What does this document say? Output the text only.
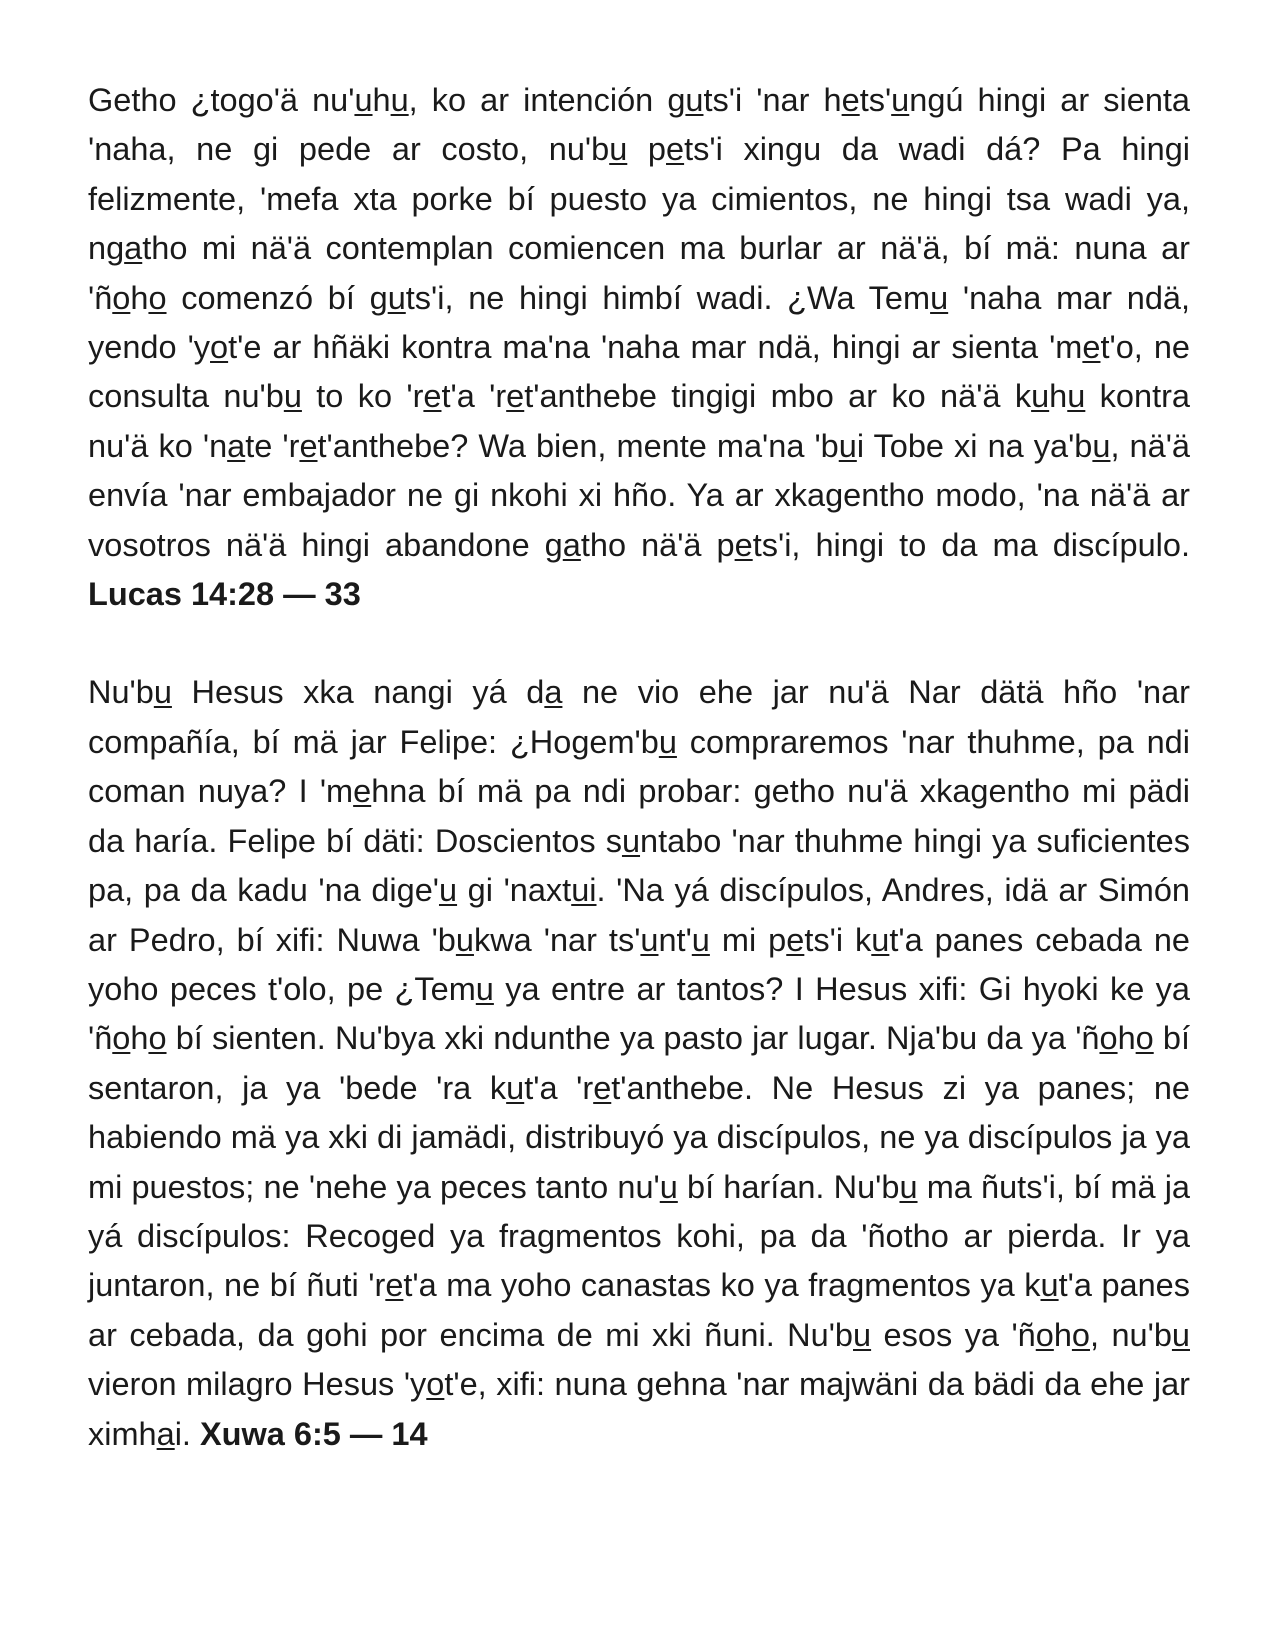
Getho ¿togo'ä nu'uhu, ko ar intención guts'i 'nar hets'ungú hingi ar sienta 'naha, ne gi pede ar costo, nu'bu pets'i xingu da wadi dá? Pa hingi felizmente, 'mefa xta porke bí puesto ya cimientos, ne hingi tsa wadi ya, ngatho mi nä'ä contemplan comiencen ma burlar ar nä'ä, bí mä: nuna ar 'ñoho comenzó bí guts'i, ne hingi himbí wadi. ¿Wa Temu 'naha mar ndä, yendo 'yot'e ar hñäki kontra ma'na 'naha mar ndä, hingi ar sienta 'met'o, ne consulta nu'bu to ko 'ret'a 'ret'anthebe tingigi mbo ar ko nä'ä kuhu kontra nu'ä ko 'nate 'ret'anthebe? Wa bien, mente ma'na 'bui Tobe xi na ya'bu, nä'ä envía 'nar embajador ne gi nkohi xi hño. Ya ar xkagentho modo, 'na nä'ä ar vosotros nä'ä hingi abandone gatho nä'ä pets'i, hingi to da ma discípulo. Lucas 14:28 — 33

Nu'bu Hesus xka nangi yá da ne vio ehe jar nu'ä Nar dätä hño 'nar compañía, bí mä jar Felipe: ¿Hogem'bu compraremos 'nar thuhme, pa ndi coman nuya? I 'mehna bí mä pa ndi probar: getho nu'ä xkagentho mi pädi da haría. Felipe bí däti: Doscientos suntabo 'nar thuhme hingi ya suficientes pa, pa da kadu 'na dige'u gi 'naxtui. 'Na yá discípulos, Andres, idä ar Simón ar Pedro, bí xifi: Nuwa 'bukwa 'nar ts'unt'u mi pets'i kut'a panes cebada ne yoho peces t'olo, pe ¿Temu ya entre ar tantos? I Hesus xifi: Gi hyoki ke ya 'ñoho bí sienten. Nu'bya xki ndunthe ya pasto jar lugar. Nja'bu da ya 'ñoho bí sentaron, ja ya 'bede 'ra kut'a 'ret'anthebe. Ne Hesus zi ya panes; ne habiendo mä ya xki di jamädi, distribuyó ya discípulos, ne ya discípulos ja ya mi puestos; ne 'nehe ya peces tanto nu'u bí harían. Nu'bu ma ñuts'i, bí mä ja yá discípulos: Recoged ya fragmentos kohi, pa da 'ñotho ar pierda. Ir ya juntaron, ne bí ñuti 'ret'a ma yoho canastas ko ya fragmentos ya kut'a panes ar cebada, da gohi por encima de mi xki ñuni. Nu'bu esos ya 'ñoho, nu'bu vieron milagro Hesus 'yot'e, xifi: nuna gehna 'nar majwäni da bädi da ehe jar ximhai. Xuwa 6:5 — 14
